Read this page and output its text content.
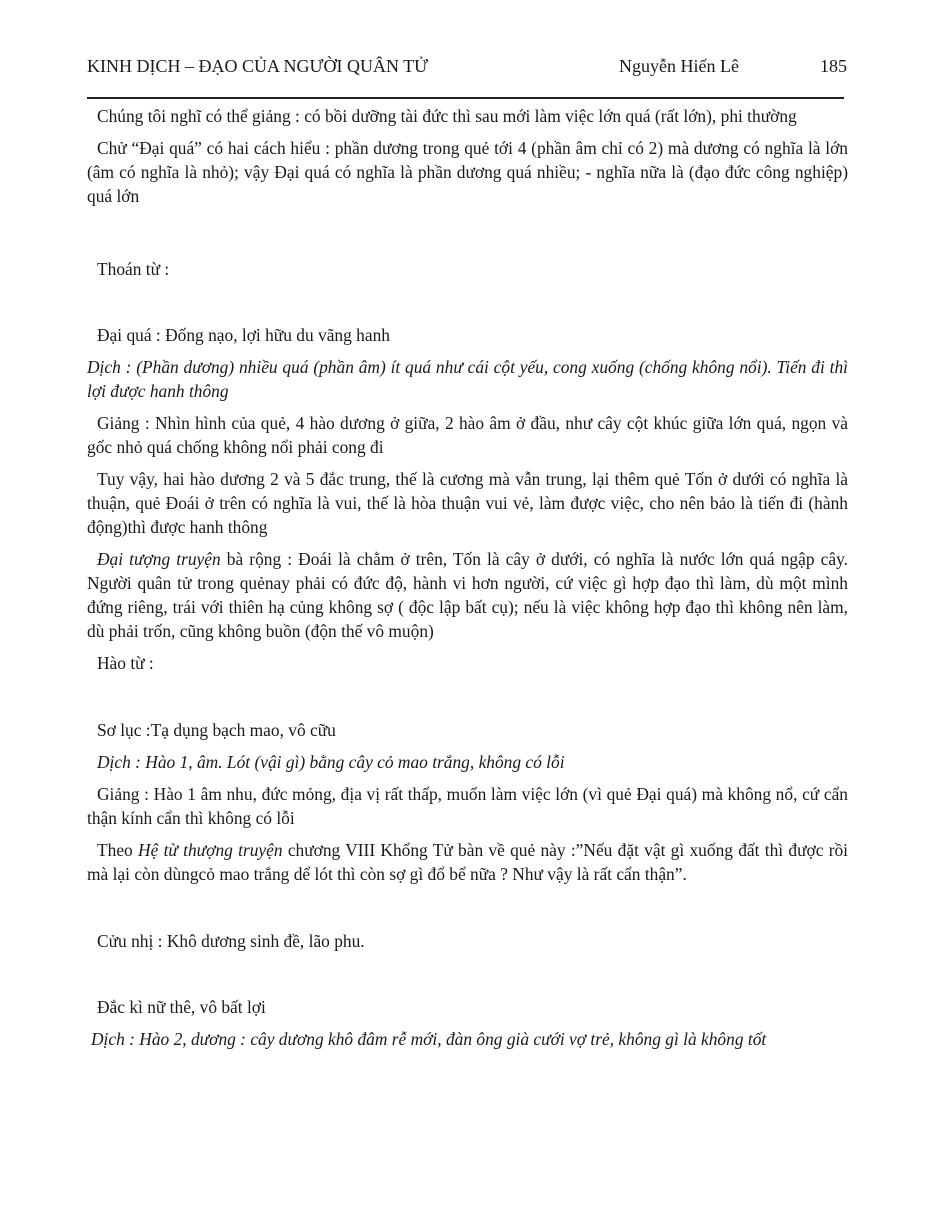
KINH DỊCH – ĐẠO CỦA NGƯỜI QUÂN TỬ	Nguyễn Hiến Lê	185

Chúng tôi nghĩ có thể giảng : có bồi dưỡng tài đức thì sau mới làm việc lớn quá (rất lớn), phi thường

Chử “Đại quá” có hai cách hiểu : phần dương trong quẻ tới 4 (phần âm chỉ có 2) mà dương có nghĩa là lớn (âm có nghĩa là nhỏ); vậy Đại quá có nghĩa là phần dương quá nhiều; - nghĩa nữa là (đạo đức công nghiệp) quá lớn

Thoán từ :

Đại quá : Đống nạo, lợi hữu du vãng hanh

Dịch : (Phần dương) nhiều quá (phần âm) ít quá như cái cột yếu, cong xuống (chống không nổi). Tiến đi thì lợi được hanh thông

Giảng : Nhìn hình của quẻ, 4 hào dương ở giữa, 2 hào âm ở đầu, như cây cột khúc giữa lớn quá, ngọn và gốc nhỏ quá chống không nổi phải cong đi

Tuy vậy, hai hào dương 2 và 5 đắc trung, thế là cương mà vẫn trung, lại thêm quẻ Tốn ở dưới có nghĩa là thuận, quẻ Đoái ở trên có nghĩa là vui, thế là hòa thuận vui vẻ, làm được việc, cho nên bảo là tiến đi (hành động)thì được hanh thông

Đại tượng truyện bà rộng : Đoái là chằm ở trên, Tốn là cây ở dưới, có nghĩa là nước lớn quá ngập cây. Người quân tử trong quẻnay phải có đức độ, hành vi hơn người, cứ việc gì hợp đạo thì làm, dù một mình đứng riêng, trái với thiên hạ củng không sợ ( độc lập bất cụ); nếu là việc không hợp đạo thì không nên làm, dù phải trốn, cũng không buồn (độn thế vô muộn)

Hào từ :

Sơ lục :Tạ dụng bạch mao, vô cữu

Dịch : Hào 1, âm. Lót (vậi gì) bằng cây cỏ mao trắng, không có lỗi

Giảng : Hào 1 âm nhu, đức mỏng, địa vị rất thấp, muốn làm việc lớn (vì quẻ Đại quá) mà không nổ, cứ cẩn thận kính cẩn thì không có lỗi

Theo Hệ từ thượng truyện chương VIII Khổng Tử bàn về quẻ này :”Nếu đặt vật gì xuống đất thì được rồi mà lại còn dùngcỏ mao trắng dể lót thì còn sợ gì đổ bể nữa ? Như vậy là rất cẩn thận”.

Cửu nhị : Khô dương sinh đề, lão phu.

Đắc kì nữ thê, vô bất lợi

Dịch : Hào 2, dương : cây dương khô đâm rễ mới, đàn ông già cưới vợ trẻ, không gì là không tốt
